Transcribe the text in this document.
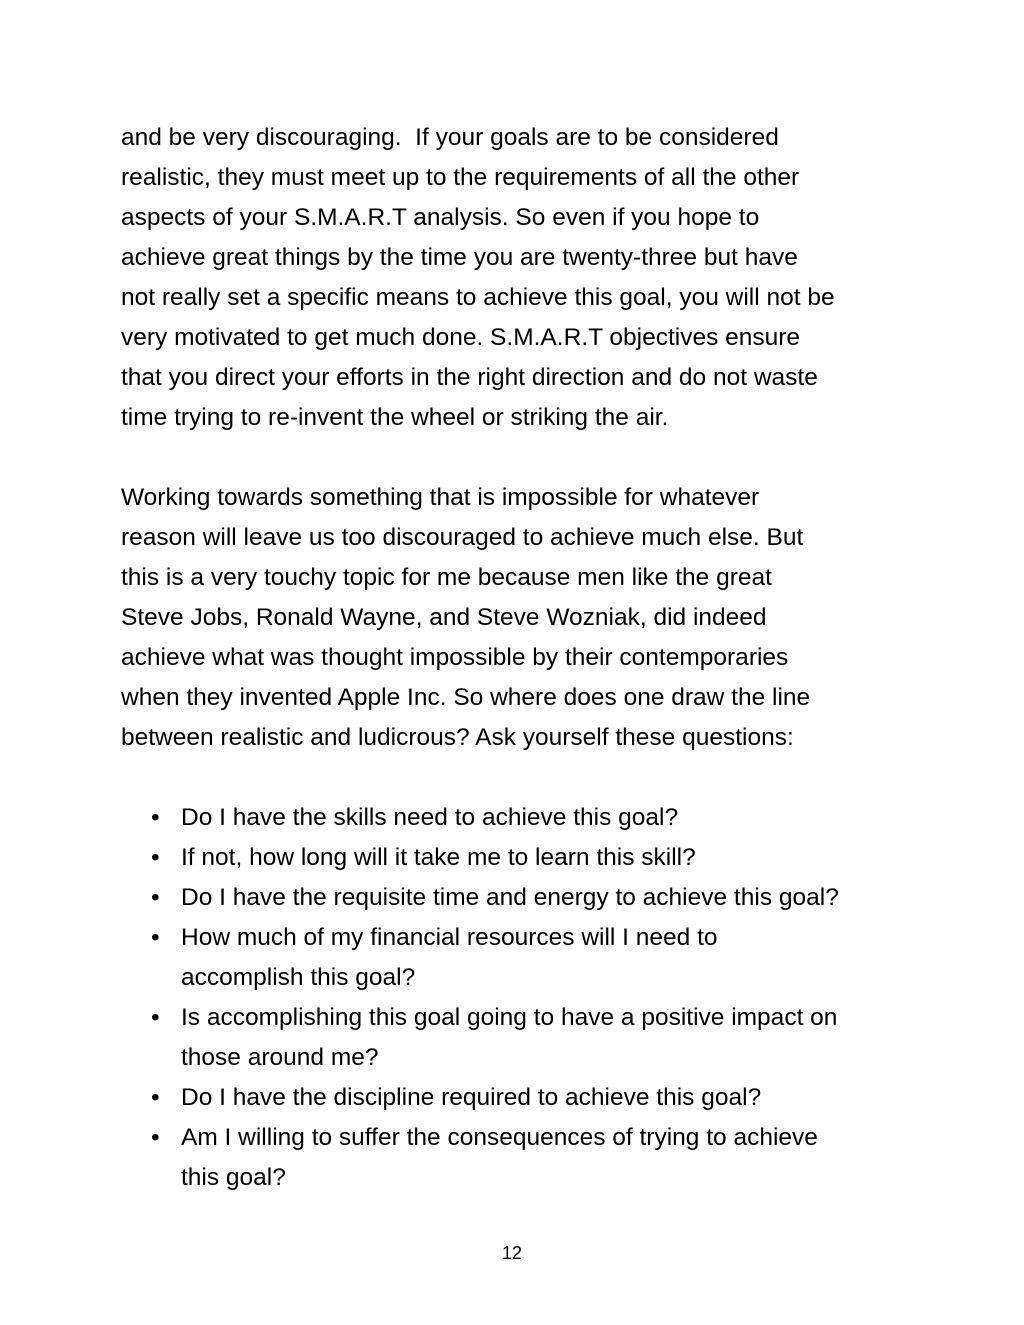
and be very discouraging.  If your goals are to be considered
realistic, they must meet up to the requirements of all the other
aspects of your S.M.A.R.T analysis. So even if you hope to
achieve great things by the time you are twenty-three but have
not really set a specific means to achieve this goal, you will not be
very motivated to get much done. S.M.A.R.T objectives ensure
that you direct your efforts in the right direction and do not waste
time trying to re-invent the wheel or striking the air.

Working towards something that is impossible for whatever
reason will leave us too discouraged to achieve much else. But
this is a very touchy topic for me because men like the great
Steve Jobs, Ronald Wayne, and Steve Wozniak, did indeed
achieve what was thought impossible by their contemporaries
when they invented Apple Inc. So where does one draw the line
between realistic and ludicrous? Ask yourself these questions:

• Do I have the skills need to achieve this goal?
• If not, how long will it take me to learn this skill?
• Do I have the requisite time and energy to achieve this goal?
• How much of my financial resources will I need to
accomplish this goal?
• Is accomplishing this goal going to have a positive impact on
those around me?
• Do I have the discipline required to achieve this goal?
• Am I willing to suffer the consequences of trying to achieve
this goal?
12
